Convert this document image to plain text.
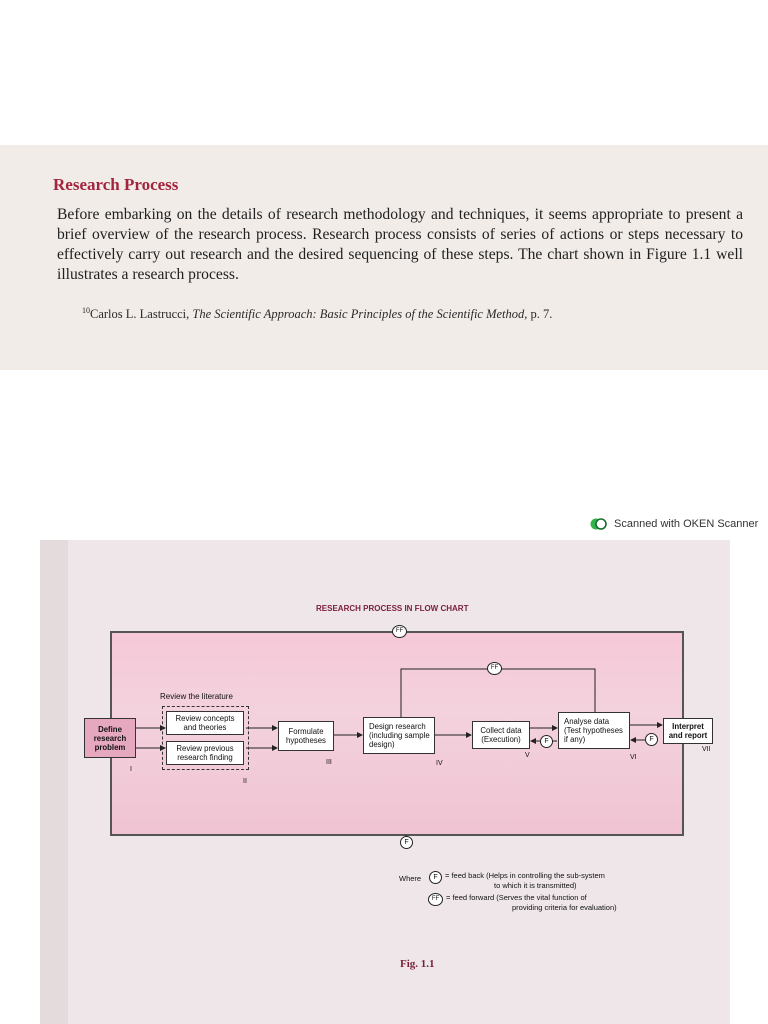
Research Process

Before embarking on the details of research methodology and techniques, it seems appropriate to present a brief overview of the research process. Research process consists of series of actions or steps necessary to effectively carry out research and the desired sequencing of these steps. The chart shown in Figure 1.1 well illustrates a research process.

$^{10}$Carlos L. Lastrucci, The Scientific Approach: Basic Principles of the Scientific Method, p. 7.
Scanned with OKEN Scanner
RESEARCH PROCESS IN FLOW CHART
Review the literature
Define research problem
Review concepts and theories
Review previous research finding
Formulate hypotheses
Design research (including sample design)
Collect data (Execution)
Analyse data (Test hypotheses if any)
Interpret and report
I
II
III	IV
V	VI
VII
FF
FF
F	F
F
Where	F = feed back (Helps in controlling the sub-system
to which it is transmitted)
FF = feed forward (Serves the vital function of
providing criteria for evaluation)
Fig. 1.1
